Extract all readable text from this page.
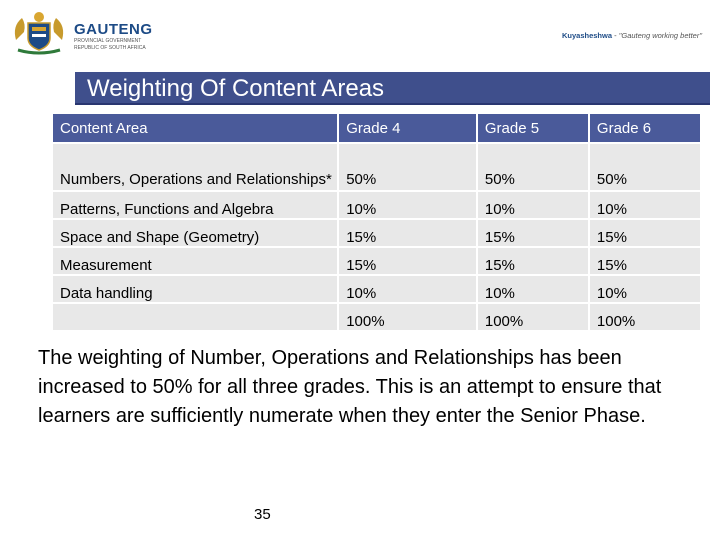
GAUTENG
PROVINCIAL GOVERNMENT
REPUBLIC OF SOUTH AFRICA
Kuyasheshwa - "Gauteng working better"
Weighting Of Content Areas
Content Area	Grade 4	Grade 5	Grade 6
Numbers, Operations and Relationships*	50%	50%	50%
Patterns, Functions and Algebra	10%	10%	10%
Space and Shape (Geometry)	15%	15%	15%
Measurement	15%	15%	15%
Data handling	10%	10%	10%
	100%	100%	100%
The weighting of Number, Operations and Relationships has been increased to 50% for all three grades. This is an attempt to ensure that learners are sufficiently numerate when they enter the Senior Phase.
35
